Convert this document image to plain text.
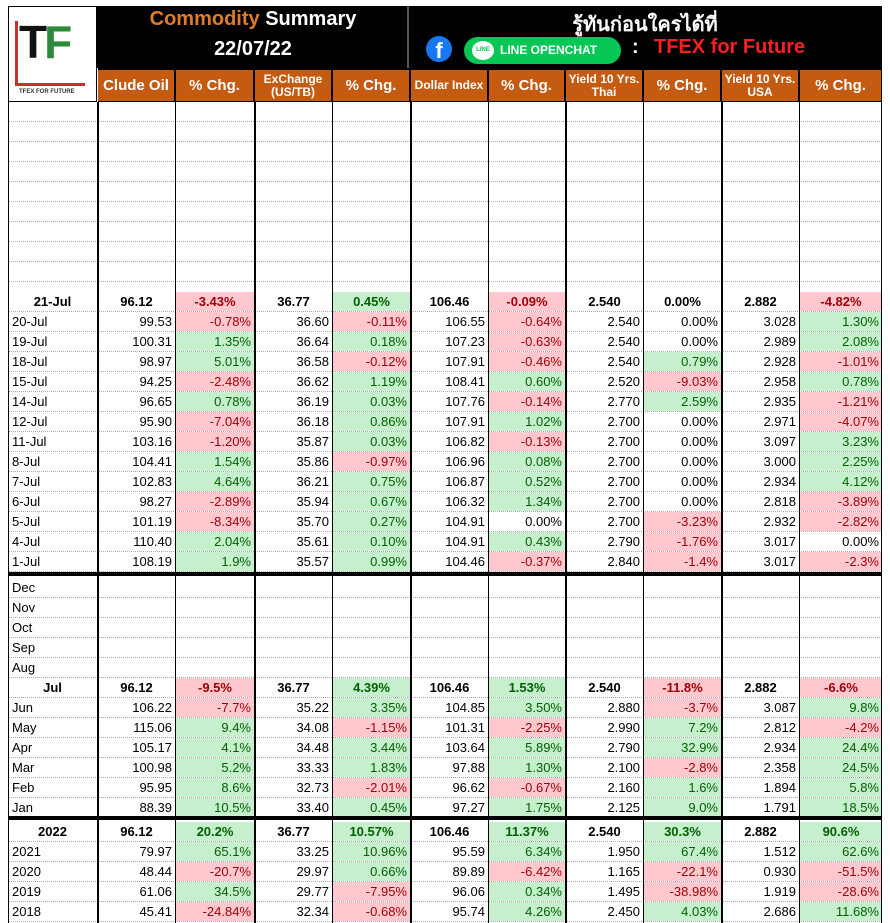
Commodity Summary
22/07/22
รู้ทันก่อนใครได้ที่
f	LINE LINE OPENCHAT	: TFEX for Future
TF
TFEX FOR FUTURE
21-Jul	96.12	-3.43%	36.77	0.45%	106.46	-0.09%	2.540	0.00%	2.882	-4.82%
20-Jul	99.53	-0.78%	36.60	-0.11%	106.55	-0.64%	2.540	0.00%	3.028	1.30%
19-Jul	100.31	1.35%	36.64	0.18%	107.23	-0.63%	2.540	0.00%	2.989	2.08%
18-Jul	98.97	5.01%	36.58	-0.12%	107.91	-0.46%	2.540	0.79%	2.928	-1.01%
15-Jul	94.25	-2.48%	36.62	1.19%	108.41	0.60%	2.520	-9.03%	2.958	0.78%
14-Jul	96.65	0.78%	36.19	0.03%	107.76	-0.14%	2.770	2.59%	2.935	-1.21%
12-Jul	95.90	-7.04%	36.18	0.86%	107.91	1.02%	2.700	0.00%	2.971	-4.07%
11-Jul	103.16	-1.20%	35.87	0.03%	106.82	-0.13%	2.700	0.00%	3.097	3.23%
8-Jul	104.41	1.54%	35.86	-0.97%	106.96	0.08%	2.700	0.00%	3.000	2.25%
7-Jul	102.83	4.64%	36.21	0.75%	106.87	0.52%	2.700	0.00%	2.934	4.12%
6-Jul	98.27	-2.89%	35.94	0.67%	106.32	1.34%	2.700	0.00%	2.818	-3.89%
5-Jul	101.19	-8.34%	35.70	0.27%	104.91	0.00%	2.700	-3.23%	2.932	-2.82%
4-Jul	110.40	2.04%	35.61	0.10%	104.91	0.43%	2.790	-1.76%	3.017	0.00%
1-Jul	108.19	1.9%	35.57	0.99%	104.46	-0.37%	2.840	-1.4%	3.017	-2.3%
Dec
Nov
Oct
Sep
Aug
Jul	96.12	-9.5%	36.77	4.39%	106.46	1.53%	2.540	-11.8%	2.882	-6.6%
Jun	106.22	-7.7%	35.22	3.35%	104.85	3.50%	2.880	-3.7%	3.087	9.8%
May	115.06	9.4%	34.08	-1.15%	101.31	-2.25%	2.990	7.2%	2.812	-4.2%
Apr	105.17	4.1%	34.48	3.44%	103.64	5.89%	2.790	32.9%	2.934	24.4%
Mar	100.98	5.2%	33.33	1.83%	97.88	1.30%	2.100	-2.8%	2.358	24.5%
Feb	95.95	8.6%	32.73	-2.01%	96.62	-0.67%	2.160	1.6%	1.894	5.8%
Jan	88.39	10.5%	33.40	0.45%	97.27	1.75%	2.125	9.0%	1.791	18.5%
2022	96.12	20.2%	36.77	10.57%	106.46	11.37%	2.540	30.3%	2.882	90.6%
2021	79.97	65.1%	33.25	10.96%	95.59	6.34%	1.950	67.4%	1.512	62.6%
2020	48.44	-20.7%	29.97	0.66%	89.89	-6.42%	1.165	-22.1%	0.930	-51.5%
2019	61.06	34.5%	29.77	-7.95%	96.06	0.34%	1.495	-38.98%	1.919	-28.6%
2018	45.41	-24.84%	32.34	-0.68%	95.74	4.26%	2.450	4.03%	2.686	11.68%
Clude Oil	% Chg.	ExChange (US/TB)	% Chg.	Dollar Index	% Chg.	Yield 10 Yrs. Thai	% Chg.	Yield 10 Yrs. USA	% Chg.
